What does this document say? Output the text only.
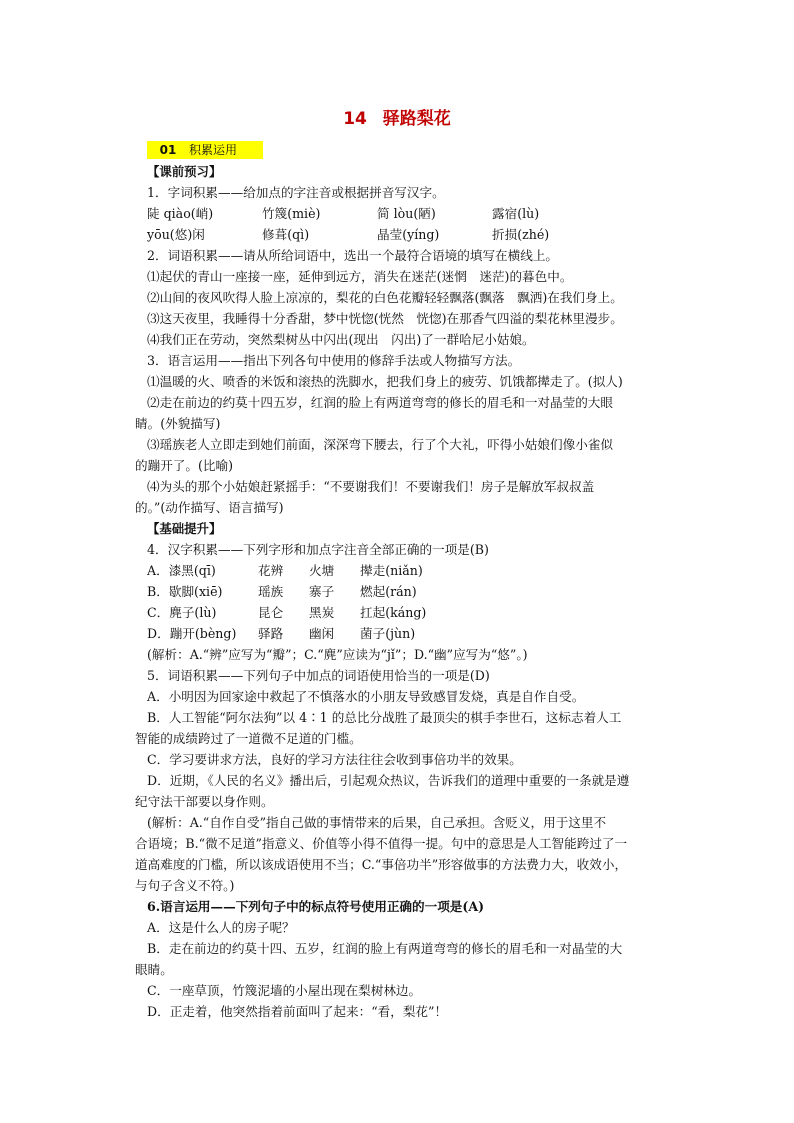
14 驿路梨花
01 积累运用
【课前预习】
1．字词积累——给加点的字注音或根据拼音写汉字。
陡 qiào(峭)	竹篾(miè)	简 lòu(陋)	露宿(lù)
yōu(悠)闲	修葺(qì)	晶莹(yíng)	折损(zhé)
2．词语积累——请从所给词语中，选出一个最符合语境的填写在横线上。
⑴起伏的青山一座接一座，延伸到远方，消失在迷茫(迷惘　迷茫)的暮色中。
⑵山间的夜风吹得人脸上凉凉的，梨花的白色花瓣轻轻飘落(飘落　飘洒)在我们身上。
⑶这天夜里，我睡得十分香甜，梦中恍惚(恍然　恍惚)在那香气四溢的梨花林里漫步。
⑷我们正在劳动，突然梨树丛中闪出(现出　闪出)了一群哈尼小姑娘。
3．语言运用——指出下列各句中使用的修辞手法或人物描写方法。
⑴温暖的火、喷香的米饭和滚热的洗脚水，把我们身上的疲劳、饥饿都撵走了。(拟人)
⑵走在前边的约莫十四五岁，红润的脸上有两道弯弯的修长的眉毛和一对晶莹的大眼
睛。(外貌描写)
⑶瑶族老人立即走到她们前面，深深弯下腰去，行了个大礼，吓得小姑娘们像小雀似
的蹦开了。(比喻)
⑷为头的那个小姑娘赶紧摇手：“不要谢我们！不要谢我们！房子是解放军叔叔盖
的。”(动作描写、语言描写)
【基础提升】
4．汉字积累——下列字形和加点字注音全部正确的一项是(B)
A．漆黑(qī)	花辨 火塘 撵走(niǎn)
B．歇脚(xiē)	瑶族 寨子 燃起(rán)
C．麂子(lù)	昆仑 黑炭 扛起(káng)
D．蹦开(bèng) 驿路 幽闲 菌子(jùn)
(解析：A.“辨”应写为“瓣”；C.“麂”应读为“jǐ”；D.“幽”应写为“悠”。)
5．词语积累——下列句子中加点的词语使用恰当的一项是(D)
A．小明因为回家途中救起了不慎落水的小朋友导致感冒发烧，真是自作自受。
B．人工智能“阿尔法狗”以 4∶1 的总比分战胜了最顶尖的棋手李世石，这标志着人工
智能的成绩跨过了一道微不足道的门槛。
C．学习要讲求方法，良好的学习方法往往会收到事倍功半的效果。
D．近期，《人民的名义》播出后，引起观众热议，告诉我们的道理中重要的一条就是遵
纪守法干部要以身作则。
(解析：A.“自作自受”指自己做的事情带来的后果，自己承担。含贬义，用于这里不
合语境；B.“微不足道”指意义、价值等小得不值得一提。句中的意思是人工智能跨过了一
道高难度的门槛，所以该成语使用不当；C.“事倍功半”形容做事的方法费力大，收效小，
与句子含义不符。)
6.语言运用——下列句子中的标点符号使用正确的一项是(A)
A．这是什么人的房子呢？
B．走在前边的约莫十四、五岁，红润的脸上有两道弯弯的修长的眉毛和一对晶莹的大
眼睛。
C．一座草顶，竹篾泥墙的小屋出现在梨树林边。
D．正走着，他突然指着前面叫了起来：“看，梨花”！
